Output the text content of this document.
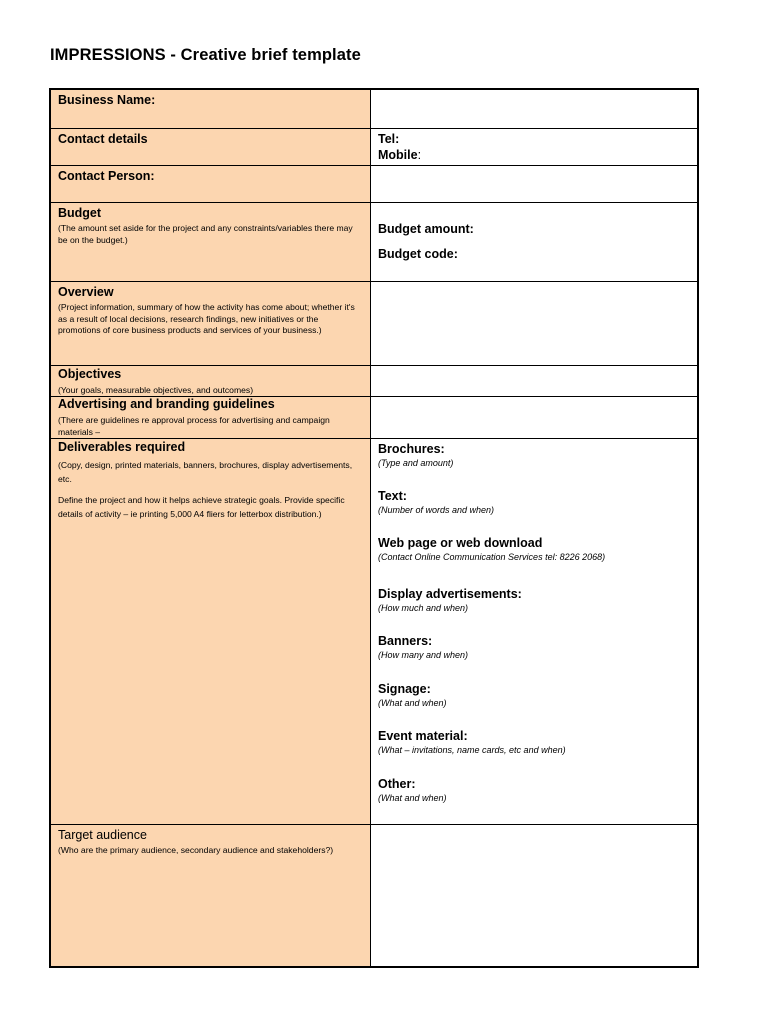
IMPRESSIONS - Creative brief template
Business Name:
Contact details	Tel:
Mobile:
Contact Person:
Budget
(The amount set aside for the project and any constraints/variables there may be on the budget.)
Budget amount:
Budget code:
Overview
(Project information, summary of how the activity has come about; whether it's as a result of local decisions, research findings, new initiatives or the promotions of core business products and services of your business.)
Objectives
(Your goals, measurable objectives, and outcomes)
Advertising and branding guidelines
(There are guidelines re approval process for advertising and campaign materials –
Deliverables required
(Copy, design, printed materials, banners, brochures, display advertisements, etc.
Define the project and how it helps achieve strategic goals. Provide specific details of activity – ie printing 5,000 A4 fliers for letterbox distribution.)
Brochures:
(Type and amount)
Text:
(Number of words and when)
Web page or web download
(Contact Online Communication Services tel: 8226 2068)
Display advertisements:
(How much and when)
Banners:
(How many and when)
Signage:
(What and when)
Event material:
(What – invitations, name cards, etc and when)
Other:
(What and when)
Target audience
(Who are the primary audience, secondary audience and stakeholders?)
